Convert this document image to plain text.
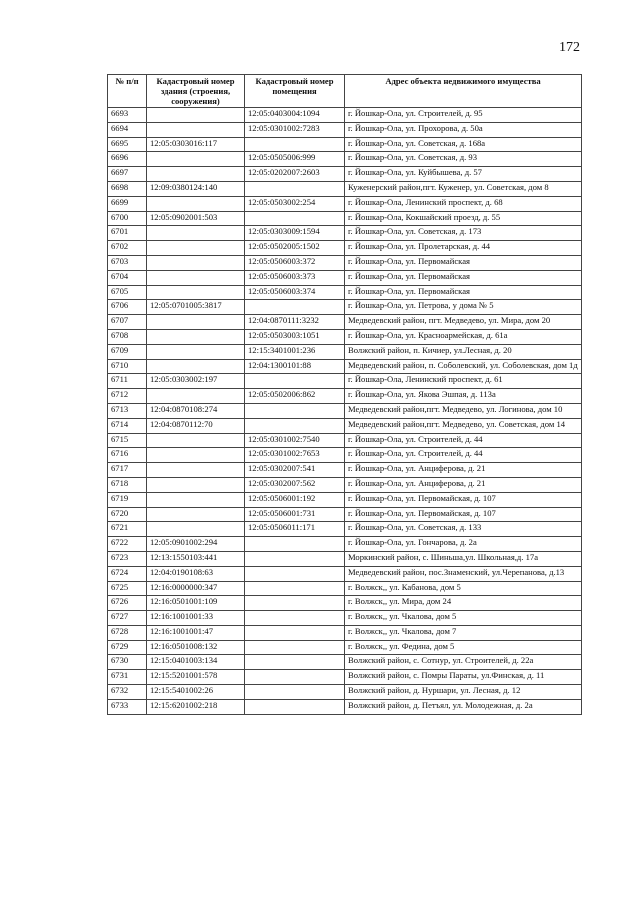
172
№ п/п	Кадастровый номер здания (строения, сооружения)	Кадастровый номер помещения	Адрес объекта недвижимого имущества
6693		12:05:0403004:1094	г. Йошкар-Ола, ул. Строителей, д. 95
6694		12:05:0301002:7283	г. Йошкар-Ола, ул. Прохорова, д. 50а
6695	12:05:0303016:117		г. Йошкар-Ола, ул. Советская, д. 168а
6696		12:05:0505006:999	г. Йошкар-Ола, ул. Советская, д. 93
6697		12:05:0202007:2603	г. Йошкар-Ола, ул. Куйбышева, д. 57
6698	12:09:0380124:140		Куженерский район,пгт. Куженер, ул. Советская, дом 8
6699		12:05:0503002:254	г. Йошкар-Ола, Ленинский проспект, д. 68
6700	12:05:0902001:503		г. Йошкар-Ола, Кокшайский проезд, д. 55
6701		12:05:0303009:1594	г. Йошкар-Ола, ул. Советская, д. 173
6702		12:05:0502005:1502	г. Йошкар-Ола, ул. Пролетарская, д. 44
6703		12:05:0506003:372	г. Йошкар-Ола, ул. Первомайская
6704		12:05:0506003:373	г. Йошкар-Ола, ул. Первомайская
6705		12:05:0506003:374	г. Йошкар-Ола, ул. Первомайская
6706	12:05:0701005:3817		г. Йошкар-Ола, ул. Петрова, у дома № 5
6707		12:04:0870111:3232	Медведевский район, пгт. Медведево, ул. Мира, дом 20
6708		12:05:0503003:1051	г. Йошкар-Ола, ул. Красноармейская, д. 61а
6709		12:15:3401001:236	Волжский район, п. Кичиер, ул.Лесная, д. 20
6710		12:04:1300101:88	Медведевский район, п. Соболевский, ул. Соболевская, дом 1д
6711	12:05:0303002:197		г. Йошкар-Ола, Ленинский проспект, д. 61
6712		12:05:0502006:862	г. Йошкар-Ола, ул. Якова Эшпая, д. 113а
6713	12:04:0870108:274		Медведевский район,пгт. Медведево, ул. Логинова, дом 10
6714	12:04:0870112:70		Медведевский район,пгт. Медведево, ул. Советская, дом 14
6715		12:05:0301002:7540	г. Йошкар-Ола, ул. Строителей, д. 44
6716		12:05:0301002:7653	г. Йошкар-Ола, ул. Строителей, д. 44
6717		12:05:0302007:541	г. Йошкар-Ола, ул. Анциферова, д. 21
6718		12:05:0302007:562	г. Йошкар-Ола, ул. Анциферова, д. 21
6719		12:05:0506001:192	г. Йошкар-Ола, ул. Первомайская, д. 107
6720		12:05:0506001:731	г. Йошкар-Ола, ул. Первомайская, д. 107
6721		12:05:0506011:171	г. Йошкар-Ола, ул. Советская, д. 133
6722	12:05:0901002:294		г. Йошкар-Ола, ул. Гончарова, д. 2а
6723	12:13:1550103:441		Моркинский район, с. Шиньша,ул. Школьная,д. 17а
6724	12:04:0190108:63		Медведевский район, пос.Знаменский, ул.Черепанова, д.13
6725	12:16:0000000:347		г. Волжск,, ул. Кабанова, дом 5
6726	12:16:0501001:109		г. Волжск,, ул. Мира, дом 24
6727	12:16:1001001:33		г. Волжск,, ул. Чкалова, дом 5
6728	12:16:1001001:47		г. Волжск,, ул. Чкалова, дом 7
6729	12:16:0501008:132		г. Волжск,, ул. Федина, дом 5
6730	12:15:0401003:134		Волжский район, с. Сотнур, ул. Строителей, д. 22а
6731	12:15:5201001:578		Волжский район, с. Помры Параты, ул.Финская, д. 11
6732	12:15:5401002:26		Волжский район, д. Нуршари, ул. Лесная, д. 12
6733	12:15:6201002:218		Волжский район, д. Петъял, ул. Молодежная, д. 2а
